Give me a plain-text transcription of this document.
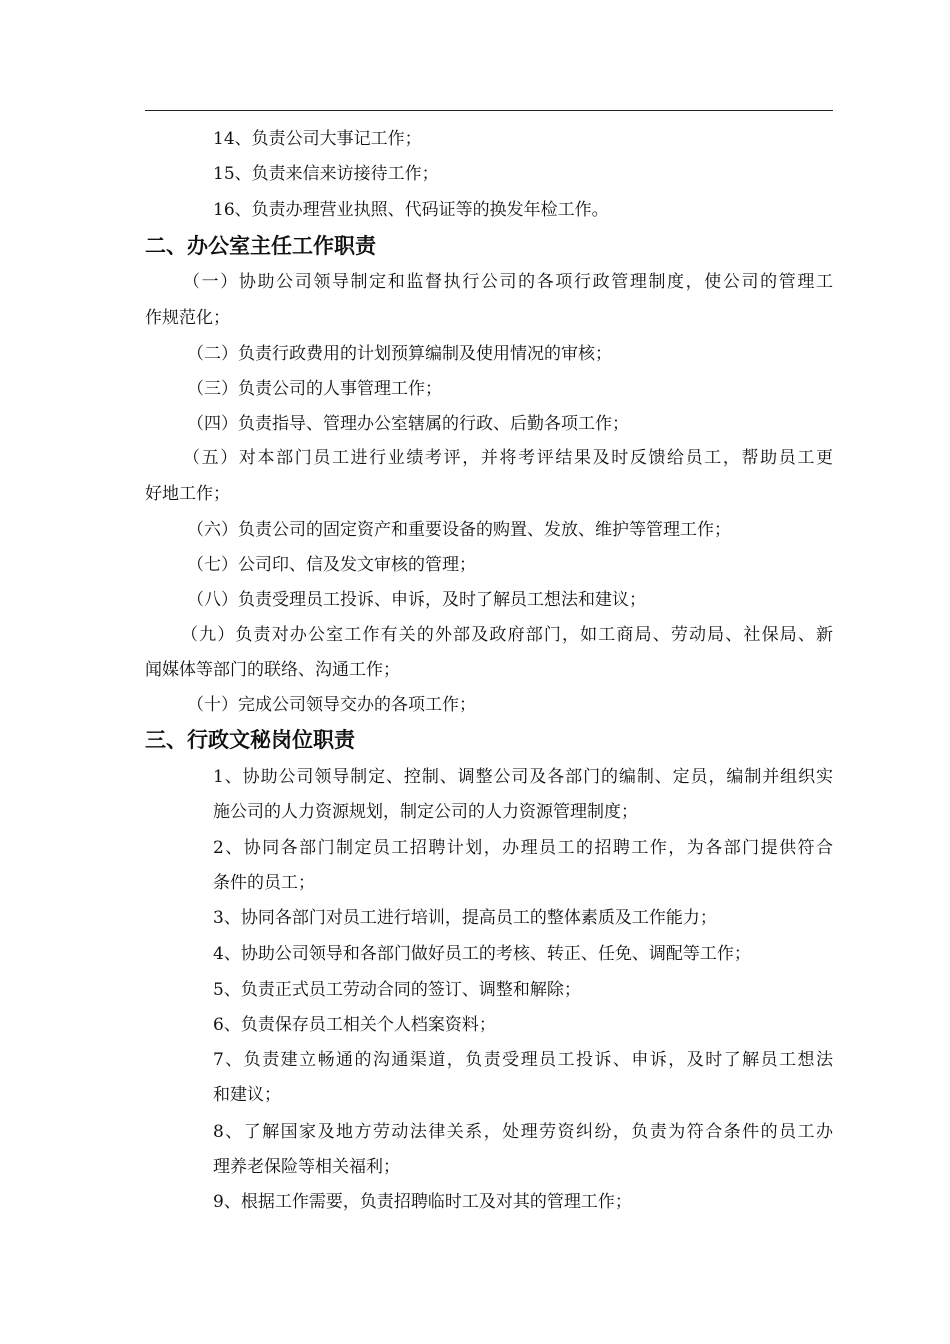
14、负责公司大事记工作；
15、负责来信来访接待工作；
16、负责办理营业执照、代码证等的换发年检工作。
二、办公室主任工作职责
（一）协助公司领导制定和监督执行公司的各项行政管理制度，使公司的管理工
作规范化；
（二）负责行政费用的计划预算编制及使用情况的审核；
（三）负责公司的人事管理工作；
（四）负责指导、管理办公室辖属的行政、后勤各项工作；
（五）对本部门员工进行业绩考评，并将考评结果及时反馈给员工，帮助员工更
好地工作；
（六）负责公司的固定资产和重要设备的购置、发放、维护等管理工作；
（七）公司印、信及发文审核的管理；
（八）负责受理员工投诉、申诉，及时了解员工想法和建议；
（九）负责对办公室工作有关的外部及政府部门，如工商局、劳动局、社保局、新
闻媒体等部门的联络、沟通工作；
（十）完成公司领导交办的各项工作；
三、行政文秘岗位职责
1、协助公司领导制定、控制、调整公司及各部门的编制、定员，编制并组织实
施公司的人力资源规划，制定公司的人力资源管理制度；
2、协同各部门制定员工招聘计划，办理员工的招聘工作，为各部门提供符合
条件的员工；
3、协同各部门对员工进行培训，提高员工的整体素质及工作能力；
4、协助公司领导和各部门做好员工的考核、转正、任免、调配等工作；
5、负责正式员工劳动合同的签订、调整和解除；
6、负责保存员工相关个人档案资料；
7、负责建立畅通的沟通渠道，负责受理员工投诉、申诉，及时了解员工想法
和建议；
8、了解国家及地方劳动法律关系，处理劳资纠纷，负责为符合条件的员工办
理养老保险等相关福利；
9、根据工作需要，负责招聘临时工及对其的管理工作；
